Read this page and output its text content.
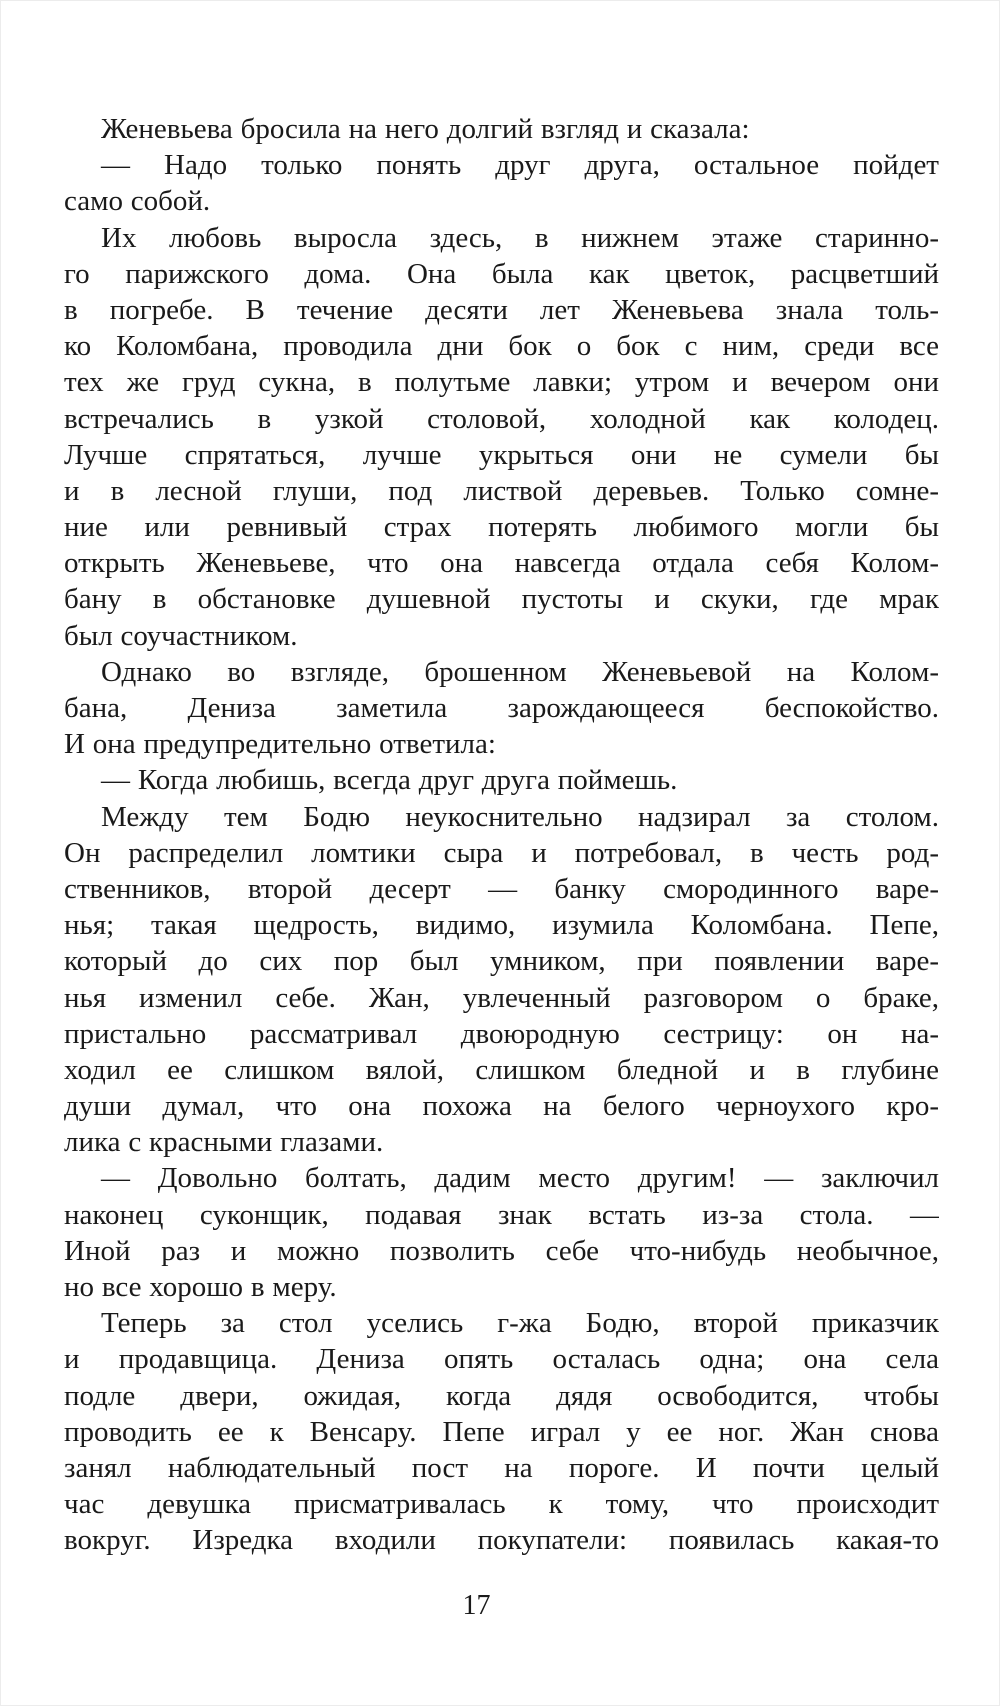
Женевьева бросила на него долгий взгляд и сказала:
— Надо только понять друг друга, остальное пойдет
само собой.
Их любовь выросла здесь, в нижнем этаже старинно-
го парижского дома. Она была как цветок, расцветший
в погребе. В течение десяти лет Женевьева знала толь-
ко Коломбана, проводила дни бок о бок с ним, среди все
тех же груд сукна, в полутьме лавки; утром и вечером они
встречались в узкой столовой, холодной как колодец.
Лучше спрятаться, лучше укрыться они не сумели бы
и в лесной глуши, под листвой деревьев. Только сомне-
ние или ревнивый страх потерять любимого могли бы
открыть Женевьеве, что она навсегда отдала себя Колом-
бану в обстановке душевной пустоты и скуки, где мрак
был соучастником.
Однако во взгляде, брошенном Женевьевой на Колом-
бана, Дениза заметила зарождающееся беспокойство.
И она предупредительно ответила:
— Когда любишь, всегда друг друга поймешь.
Между тем Бодю неукоснительно надзирал за столом.
Он распределил ломтики сыра и потребовал, в честь род-
ственников, второй десерт — банку смородинного варе-
нья; такая щедрость, видимо, изумила Коломбана. Пепе,
который до сих пор был умником, при появлении варе-
нья изменил себе. Жан, увлеченный разговором о браке,
пристально рассматривал двоюродную сестрицу: он на-
ходил ее слишком вялой, слишком бледной и в глубине
души думал, что она похожа на белого черноухого кро-
лика с красными глазами.
— Довольно болтать, дадим место другим! — заключил
наконец суконщик, подавая знак встать из-за стола. —
Иной раз и можно позволить себе что-нибудь необычное,
но все хорошо в меру.
Теперь за стол уселись г-жа Бодю, второй приказчик
и продавщица. Дениза опять осталась одна; она села
подле двери, ожидая, когда дядя освободится, чтобы
проводить ее к Венсару. Пепе играл у ее ног. Жан снова
занял наблюдательный пост на пороге. И почти целый
час девушка присматривалась к тому, что происходит
вокруг. Изредка входили покупатели: появилась какая-то
17
